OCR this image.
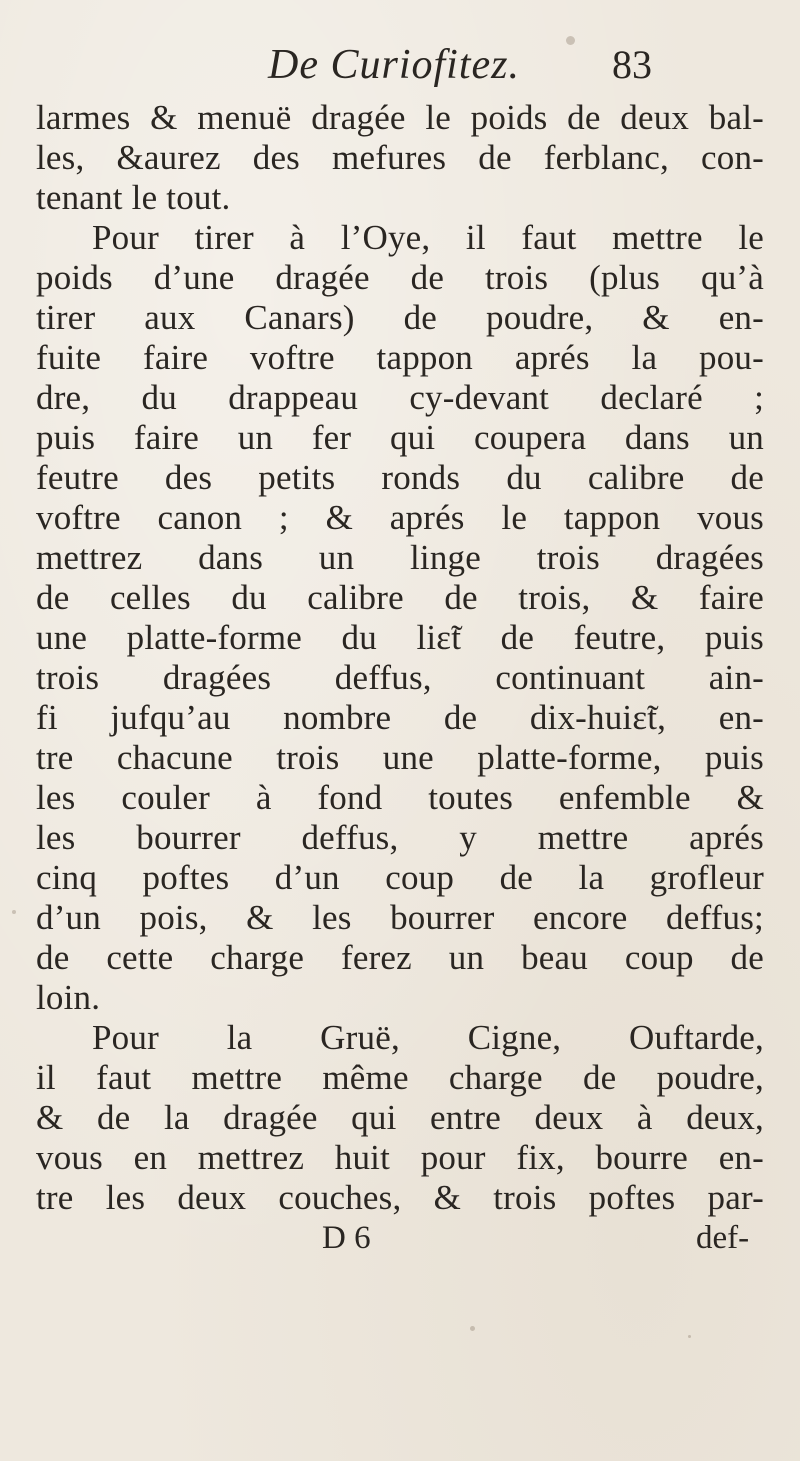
De Curiofitez. 83
larmes & menuë dragée le poids de deux bal-
les, &aurez des mefures de ferblanc, con-
tenant le tout.
Pour tirer à l’Oye, il faut mettre le
poids d’une dragée de trois (plus qu’à
tirer aux Canars) de poudre, & en-
fuite faire voftre tappon aprés la pou-
dre, du drappeau cy-devant declaré ;
puis faire un fer qui coupera dans un
feutre des petits ronds du calibre de
voftre canon ; & aprés le tappon vous
mettrez dans un linge trois dragées
de celles du calibre de trois, & faire
une platte-forme du liɛ̃t de feutre, puis
trois dragées deffus, continuant ain-
fi jufqu’au nombre de dix-huiɛ̃t, en-
tre chacune trois une platte-forme, puis
les couler à fond toutes enfemble &
les bourrer deffus, y mettre aprés
cinq poftes d’un coup de la grofleur
d’un pois, & les bourrer encore deffus;
de cette charge ferez un beau coup de
loin.
Pour la Gruë, Cigne, Ouftarde,
il faut mettre même charge de poudre,
& de la dragée qui entre deux à deux,
vous en mettrez huit pour fix, bourre en-
tre les deux couches, & trois poftes par-
D 6	def-
